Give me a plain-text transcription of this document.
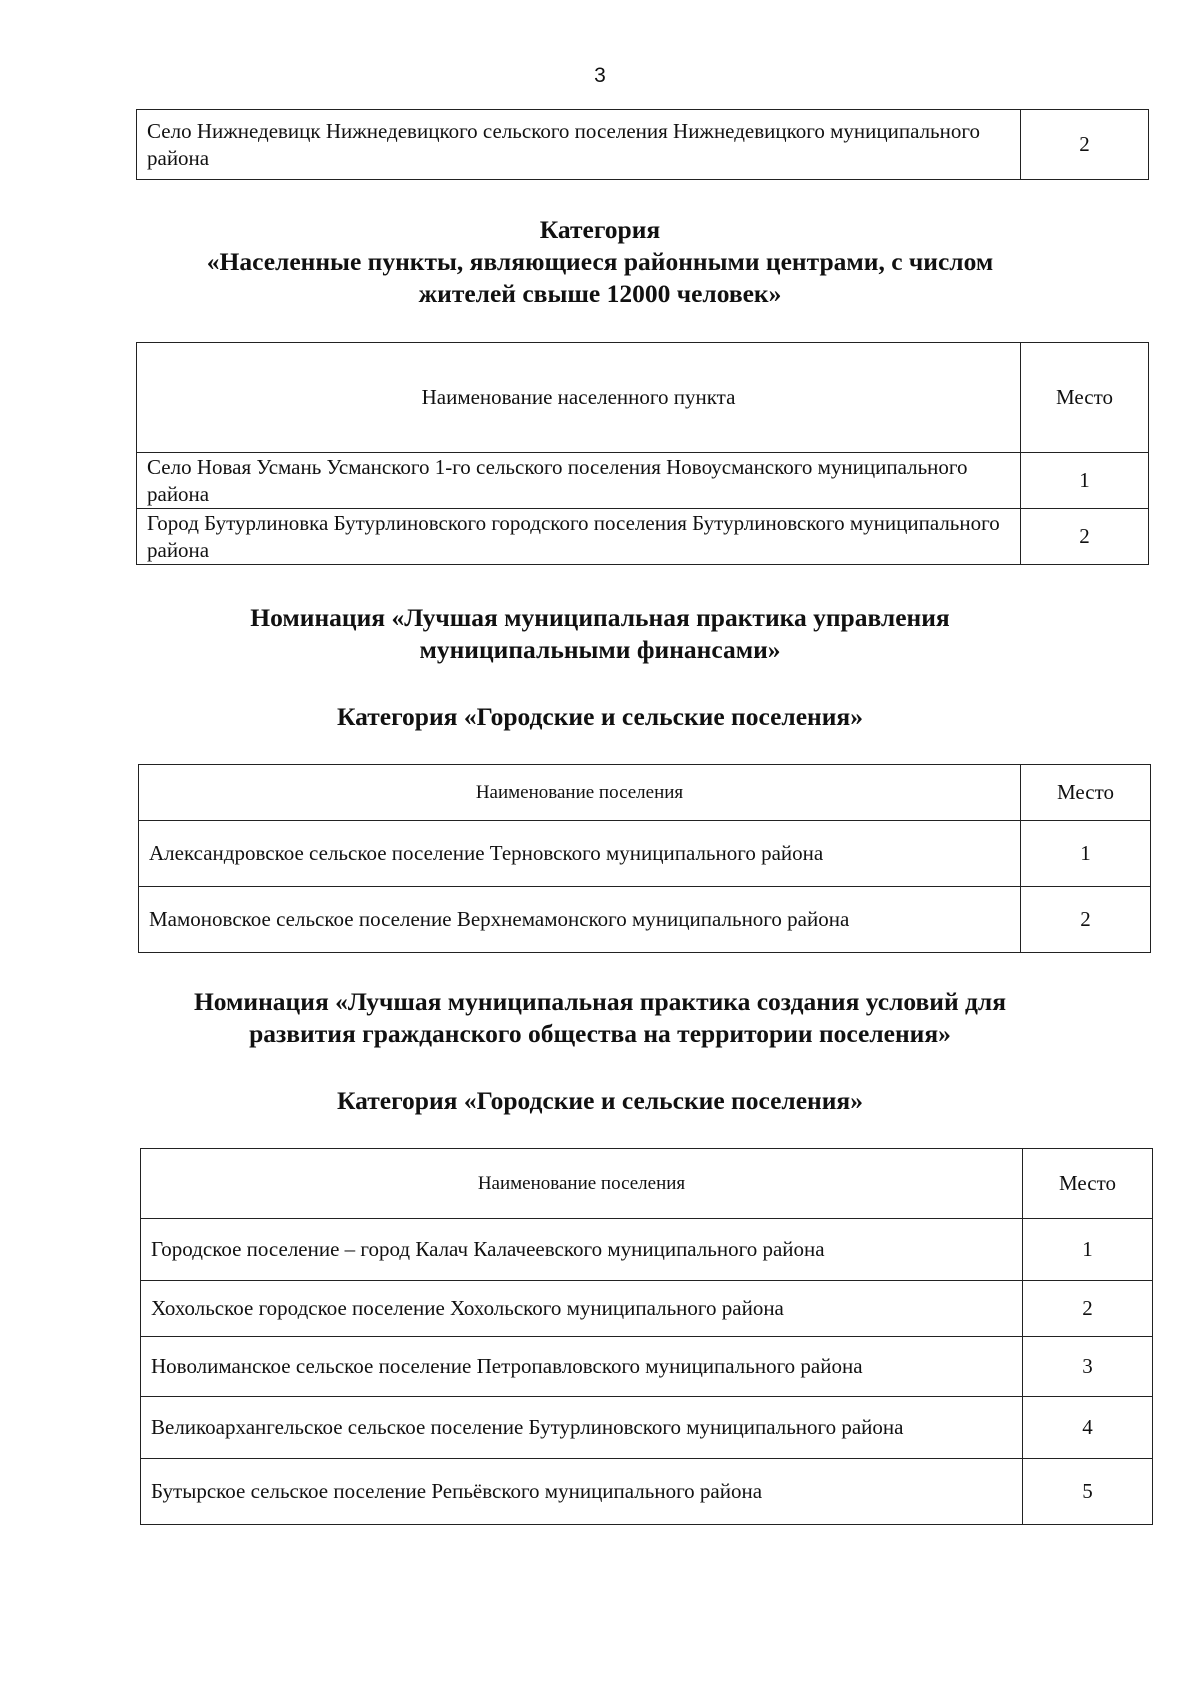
3
Село Нижнедевицк Нижнедевицкого сельского поселения Нижнедевицкого муниципального района	2
Категория
«Населенные пункты, являющиеся районными центрами, с числом
жителей свыше 12000 человек»
Наименование населенного пункта	Место
Село Новая Усмань Усманского 1-го сельского поселения Новоусманского муниципального района	1
Город Бутурлиновка Бутурлиновского городского поселения Бутурлиновского муниципального района	2
Номинация «Лучшая муниципальная практика управления
муниципальными финансами»
Категория «Городские и сельские поселения»
Наименование поселения	Место
Александровское сельское поселение Терновского муниципального района	1
Мамоновское сельское поселение Верхнемамонского муниципального района	2
Номинация «Лучшая муниципальная практика создания условий для
развития гражданского общества на территории поселения»
Категория «Городские и сельские поселения»
Наименование поселения	Место
Городское поселение – город Калач Калачеевского муниципального района	1
Хохольское городское поселение Хохольского муниципального района	2
Новолиманское сельское поселение Петропавловского муниципального района	3
Великоархангельское сельское поселение Бутурлиновского муниципального района	4
Бутырское сельское поселение Репьёвского муниципального района	5
